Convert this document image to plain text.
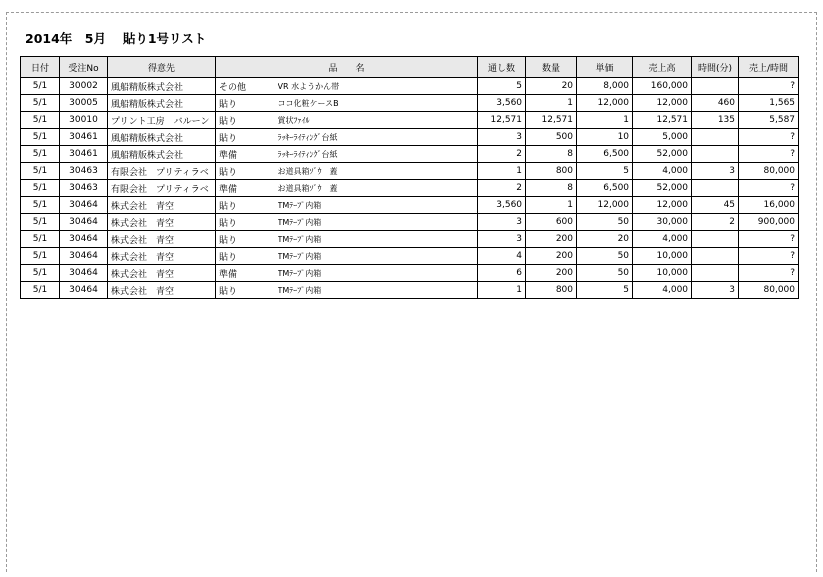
2014年　5月　 貼り1号リスト
日付	受注No	得意先	品　　名		通し数	数量	単価	売上高	時間(分)	売上/時間
5/1	30002	風船精版株式会社	その他	VR 水ようかん帯	5	20	8,000	160,000		?
5/1	30005	風船精版株式会社	貼り	ココ化粧ケースB	3,560	1	12,000	12,000	460	1,565
5/1	30010	プリント工房　バルーン	貼り	賞状ﾌｧｲﾙ	12,571	12,571	1	12,571	135	5,587
5/1	30461	風船精版株式会社	貼り	ﾗｯｷｰﾗｲﾃｨﾝｸﾞ台紙	3	500	10	5,000		?
5/1	30461	風船精版株式会社	準備	ﾗｯｷｰﾗｲﾃｨﾝｸﾞ台紙	2	8	6,500	52,000		?
5/1	30463	有限会社　プリティラベ	貼り	お道具箱ｿﾞｳ　蓋	1	800	5	4,000	3	80,000
5/1	30463	有限会社　プリティラベ	準備	お道具箱ｿﾞｳ　蓋	2	8	6,500	52,000		?
5/1	30464	株式会社　青空	貼り	TMﾃｰﾌﾟ内箱	3,560	1	12,000	12,000	45	16,000
5/1	30464	株式会社　青空	貼り	TMﾃｰﾌﾟ内箱	3	600	50	30,000	2	900,000
5/1	30464	株式会社　青空	貼り	TMﾃｰﾌﾟ内箱	3	200	20	4,000		?
5/1	30464	株式会社　青空	貼り	TMﾃｰﾌﾟ内箱	4	200	50	10,000		?
5/1	30464	株式会社　青空	準備	TMﾃｰﾌﾟ内箱	6	200	50	10,000		?
5/1	30464	株式会社　青空	貼り	TMﾃｰﾌﾟ内箱	1	800	5	4,000	3	80,000
